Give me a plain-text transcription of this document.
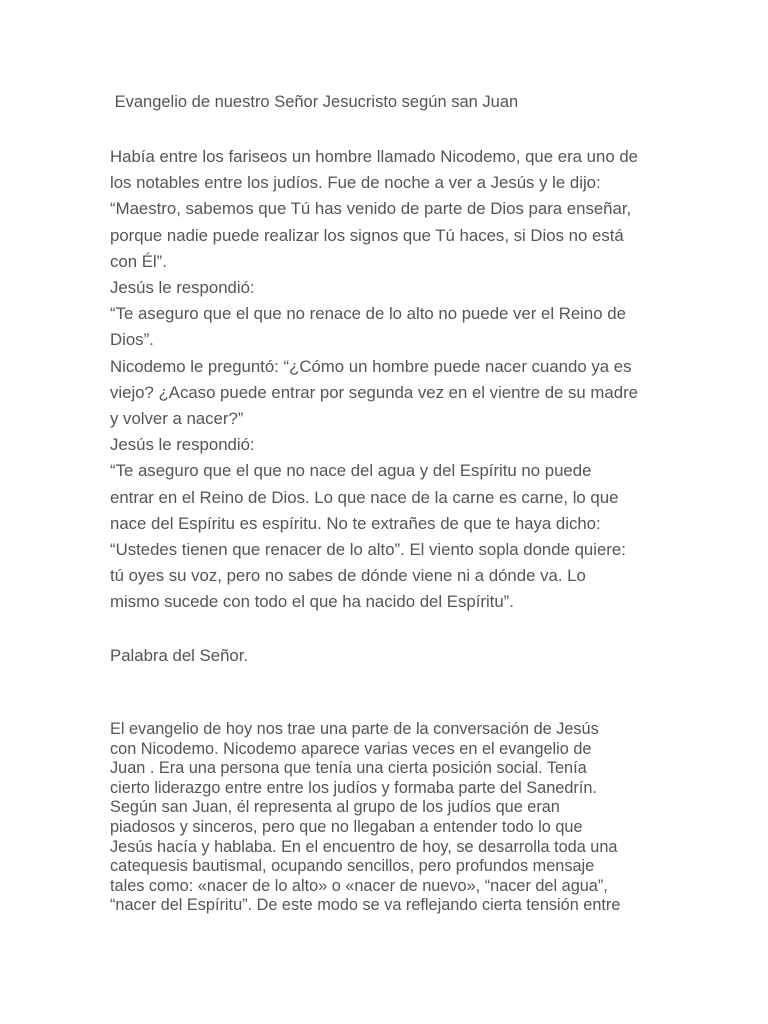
Evangelio de nuestro Señor Jesucristo según san Juan
Había entre los fariseos un hombre llamado Nicodemo, que era uno de
los notables entre los judíos. Fue de noche a ver a Jesús y le dijo:
“Maestro, sabemos que Tú has venido de parte de Dios para enseñar,
porque nadie puede realizar los signos que Tú haces, si Dios no está
con Él”.
Jesús le respondió:
“Te aseguro que el que no renace de lo alto no puede ver el Reino de
Dios”.
Nicodemo le preguntó: “¿Cómo un hombre puede nacer cuando ya es
viejo? ¿Acaso puede entrar por segunda vez en el vientre de su madre
y volver a nacer?”
Jesús le respondió:
“Te aseguro que el que no nace del agua y del Espíritu no puede
entrar en el Reino de Dios. Lo que nace de la carne es carne, lo que
nace del Espíritu es espíritu. No te extrañes de que te haya dicho:
“Ustedes tienen que renacer de lo alto”. El viento sopla donde quiere:
tú oyes su voz, pero no sabes de dónde viene ni a dónde va. Lo
mismo sucede con todo el que ha nacido del Espíritu”.
Palabra del Señor.
El evangelio de hoy nos trae una parte de la conversación de Jesús
con Nicodemo. Nicodemo aparece varias veces en el evangelio de
Juan . Era una persona que tenía una cierta posición social. Tenía
cierto liderazgo entre entre los judíos y formaba parte del Sanedrín.
Según san Juan, él representa al grupo de los judíos que eran
piadosos y sinceros, pero que no llegaban a entender todo lo que
Jesús hacía y hablaba. En el encuentro de hoy, se desarrolla toda una
catequesis bautismal, ocupando sencillos, pero profundos mensaje
tales como: «nacer de lo alto» o «nacer de nuevo», “nacer del agua”,
“nacer del Espíritu”. De este modo se va reflejando cierta tensión entre
